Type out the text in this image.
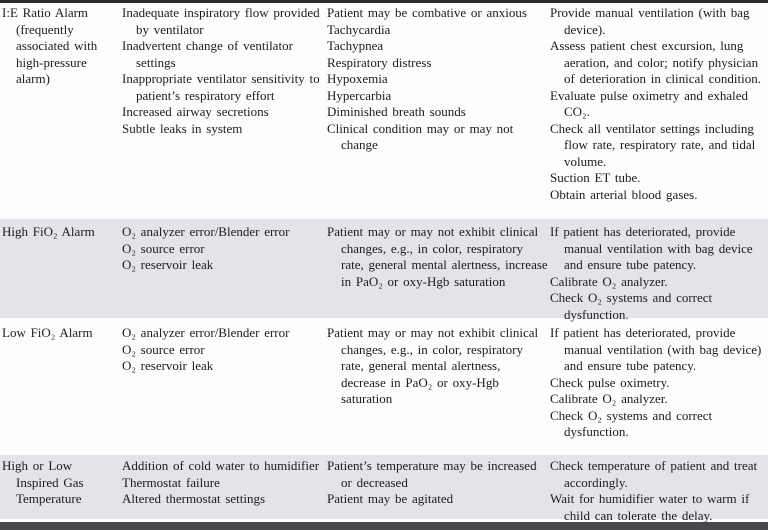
I:E Ratio Alarm (frequently associated with high-pressure alarm)
Inadequate inspiratory flow provided by ventilator
Inadvertent change of ventilator settings
Inappropriate ventilator sensitivity to patient’s respiratory effort
Increased airway secretions
Subtle leaks in system
Patient may be combative or anxious
Tachycardia
Tachypnea
Respiratory distress
Hypoxemia
Hypercarbia
Diminished breath sounds
Clinical condition may or may not change
Provide manual ventilation (with bag device).
Assess patient chest excursion, lung aeration, and color; notify physician of deterioration in clinical condition.
Evaluate pulse oximetry and exhaled CO₂.
Check all ventilator settings including flow rate, respiratory rate, and tidal volume.
Suction ET tube.
Obtain arterial blood gases.
High FiO₂ Alarm	O₂ analyzer error/Blender error
O₂ source error
O₂ reservoir leak
Patient may or may not exhibit clinical changes, e.g., in color, respiratory rate, general mental alertness, increase in PaO₂ or oxy-Hgb saturation
If patient has deteriorated, provide manual ventilation with bag device and ensure tube patency.
Calibrate O₂ analyzer.
Check O₂ systems and correct dysfunction.
Low FiO₂ Alarm	O₂ analyzer error/Blender error
O₂ source error
O₂ reservoir leak
Patient may or may not exhibit clinical changes, e.g., in color, respiratory rate, general mental alertness, decrease in PaO₂ or oxy-Hgb saturation
If patient has deteriorated, provide manual ventilation (with bag device) and ensure tube patency.
Check pulse oximetry.
Calibrate O₂ analyzer.
Check O₂ systems and correct dysfunction.
High or Low Inspired Gas Temperature
Addition of cold water to humidifier
Thermostat failure
Altered thermostat settings
Patient’s temperature may be increased or decreased
Patient may be agitated
Check temperature of patient and treat accordingly.
Wait for humidifier water to warm if child can tolerate the delay.
